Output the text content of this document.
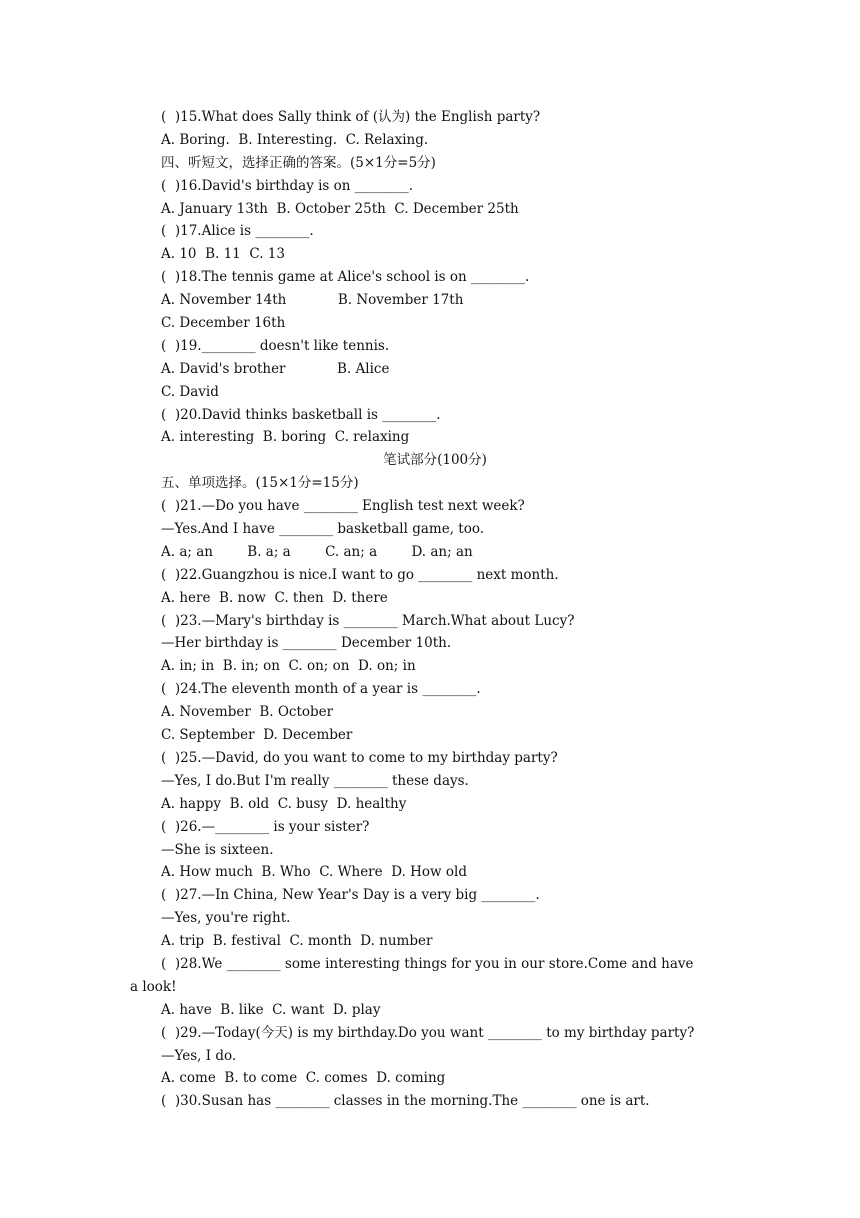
(  )15.What does Sally think of (认为) the English party?
A. Boring.  B. Interesting.  C. Relaxing.
四、听短文，选择正确的答案。(5×1分=5分)
(  )16.David's birthday is on ________.
A. January 13th  B. October 25th  C. December 25th
(  )17.Alice is ________.
A. 10  B. 11  C. 13
(  )18.The tennis game at Alice's school is on ________.
A. November 14th            B. November 17th
C. December 16th
(  )19.________ doesn't like tennis.
A. David's brother            B. Alice
C. David
(  )20.David thinks basketball is ________.
A. interesting  B. boring  C. relaxing
笔试部分(100分)
五、单项选择。(15×1分=15分)
(  )21.—Do you have ________ English test next week?
—Yes.And I have ________ basketball game, too.
A. a; an        B. a; a        C. an; a        D. an; an
(  )22.Guangzhou is nice.I want to go ________ next month.
A. here  B. now  C. then  D. there
(  )23.—Mary's birthday is ________ March.What about Lucy?
—Her birthday is ________ December 10th.
A. in; in  B. in; on  C. on; on  D. on; in
(  )24.The eleventh month of a year is ________.
A. November  B. October
C. September  D. December
(  )25.—David, do you want to come to my birthday party?
—Yes, I do.But I'm really ________ these days.
A. happy  B. old  C. busy  D. healthy
(  )26.—________ is your sister?
—She is sixteen.
A. How much  B. Who  C. Where  D. How old
(  )27.—In China, New Year's Day is a very big ________.
—Yes, you're right.
A. trip  B. festival  C. month  D. number
(  )28.We ________ some interesting things for you in our store.Come and have
a look!
A. have  B. like  C. want  D. play
(  )29.—Today(今天) is my birthday.Do you want ________ to my birthday party?
—Yes, I do.
A. come  B. to come  C. comes  D. coming
(  )30.Susan has ________ classes in the morning.The ________ one is art.
